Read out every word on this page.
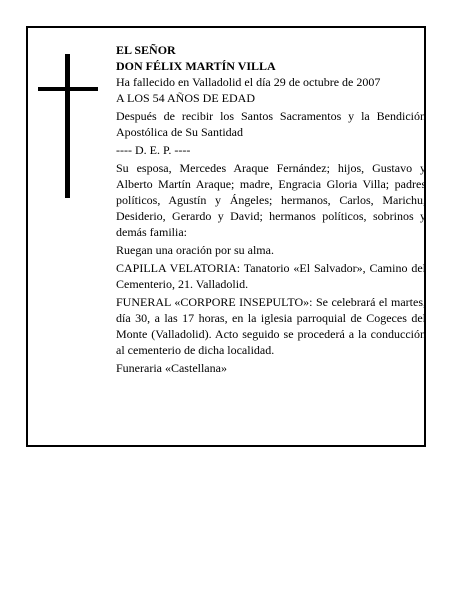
EL SEÑOR
DON FÉLIX MARTÍN VILLA
Ha fallecido en Valladolid el día 29 de octubre de 2007
A LOS 54 AÑOS DE EDAD

Después de recibir los Santos Sacramentos y la Bendición Apostólica de Su Santidad

---- D. E. P. ----

Su esposa, Mercedes Araque Fernández; hijos, Gustavo y Alberto Martín Araque; madre, Engracia Gloria Villa; padres políticos, Agustín y Ángeles; hermanos, Carlos, Marichu, Desiderio, Gerardo y David; hermanos políticos, sobrinos y demás familia:

Ruegan una oración por su alma.

CAPILLA VELATORIA: Tanatorio «El Salvador», Camino del Cementerio, 21. Valladolid.

FUNERAL «CORPORE INSEPULTO»: Se celebrará el martes, día 30, a las 17 horas, en la iglesia parroquial de Cogeces del Monte (Valladolid). Acto seguido se procederá a la conducción al cementerio de dicha localidad.

Funeraria «Castellana»
